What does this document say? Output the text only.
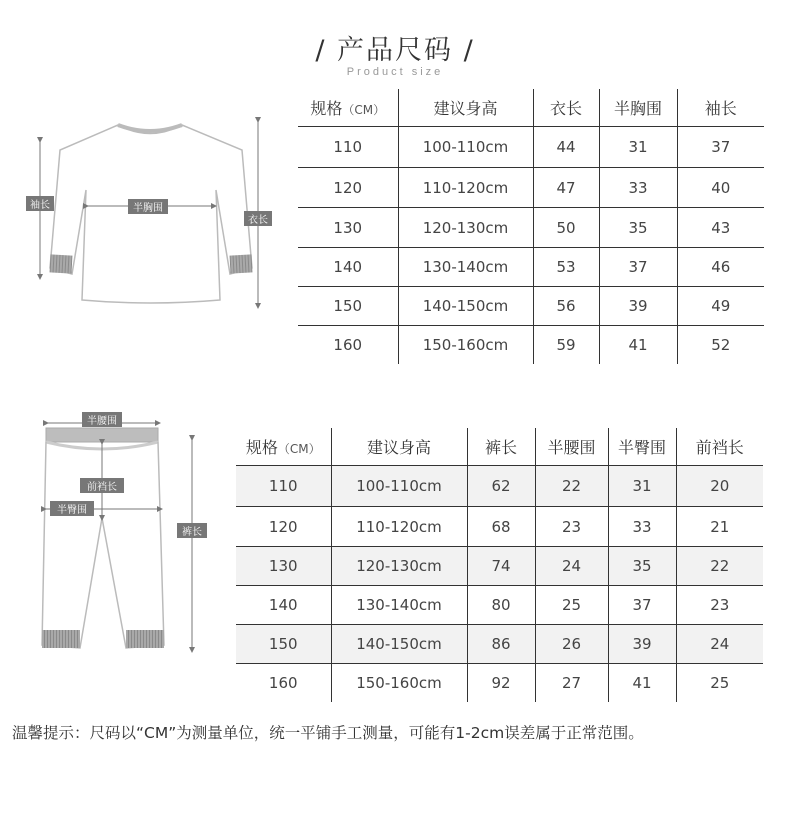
/ 产品尺码 /
Product size
袖长	半胸围
衣长
规格（CM）	建议身高	衣长	半胸围	袖长
110	100-110cm	44	31	37
120	110-120cm	47	33	40
130	120-130cm	50	35	43
140	130-140cm	53	37	46
150	140-150cm	56	39	49
160	150-160cm	59	41	52
半腰围
前裆长
半臀围
裤长
规格（CM）	建议身高	裤长	半腰围	半臀围	前裆长
110	100-110cm	62	22	31	20
120	110-120cm	68	23	33	21
130	120-130cm	74	24	35	22
140	130-140cm	80	25	37	23
150	140-150cm	86	26	39	24
160	150-160cm	92	27	41	25
温馨提示：尺码以“CM”为测量单位，统一平铺手工测量，可能有1-2cm误差属于正常范围。
